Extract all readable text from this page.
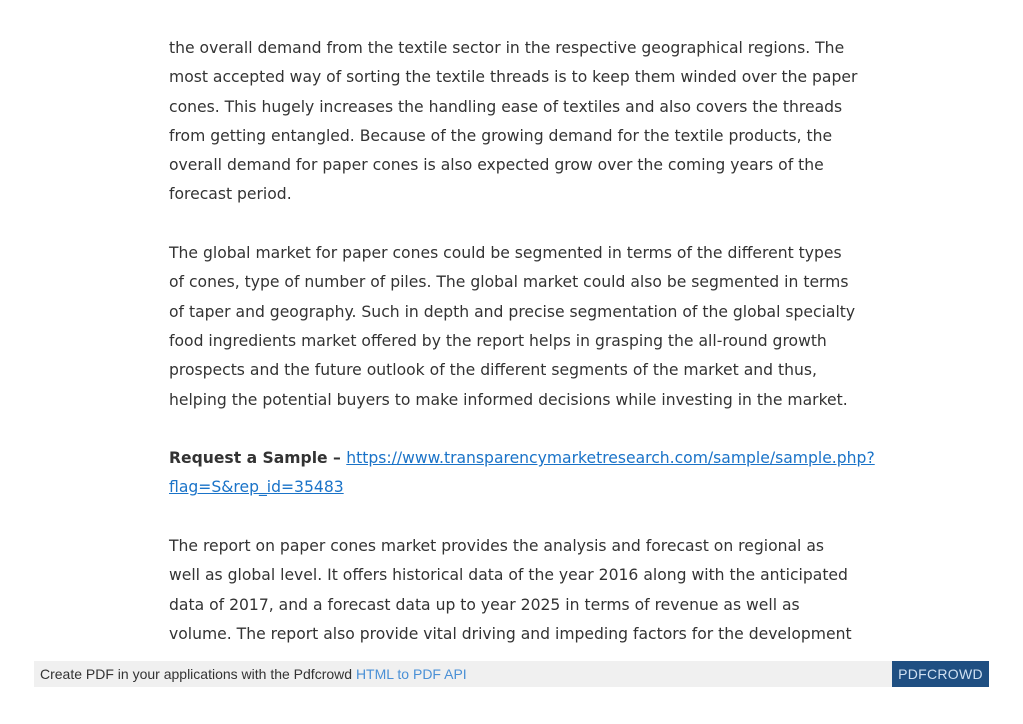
the overall demand from the textile sector in the respective geographical regions. The
most accepted way of sorting the textile threads is to keep them winded over the paper
cones. This hugely increases the handling ease of textiles and also covers the threads
from getting entangled. Because of the growing demand for the textile products, the
overall demand for paper cones is also expected grow over the coming years of the
forecast period.
The global market for paper cones could be segmented in terms of the different types
of cones, type of number of piles. The global market could also be segmented in terms
of taper and geography. Such in depth and precise segmentation of the global specialty
food ingredients market offered by the report helps in grasping the all-round growth
prospects and the future outlook of the different segments of the market and thus,
helping the potential buyers to make informed decisions while investing in the market.
Request a Sample – https://www.transparencymarketresearch.com/sample/sample.php?
flag=S&rep_id=35483
The report on paper cones market provides the analysis and forecast on regional as
well as global level. It offers historical data of the year 2016 along with the anticipated
data of 2017, and a forecast data up to year 2025 in terms of revenue as well as
volume. The report also provide vital driving and impeding factors for the development
Create PDF in your applications with the Pdfcrowd HTML to PDF API	PDFCROWD
